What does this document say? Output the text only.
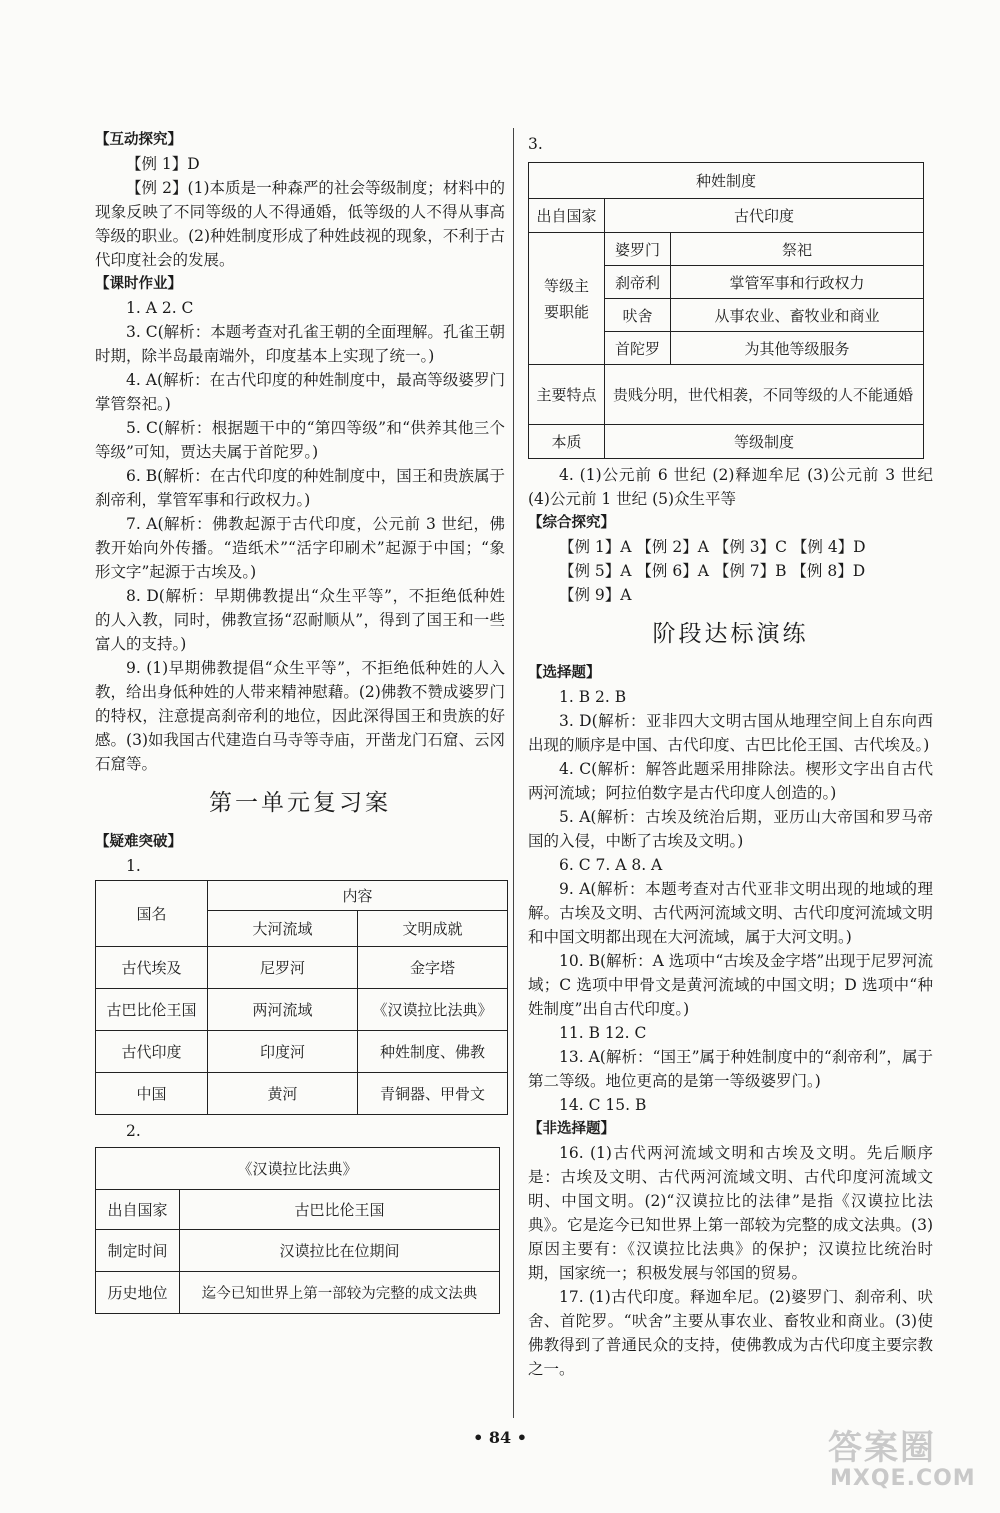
【互动探究】

【例 1】D

【例 2】(1)本质是一种森严的社会等级制度；材料中的现象反映了不同等级的人不得通婚，低等级的人不得从事高等级的职业。(2)种姓制度形成了种姓歧视的现象，不利于古代印度社会的发展。

【课时作业】

1. A 2. C

3. C(解析：本题考查对孔雀王朝的全面理解。孔雀王朝时期，除半岛最南端外，印度基本上实现了统一。)

4. A(解析：在古代印度的种姓制度中，最高等级婆罗门掌管祭祀。)

5. C(解析：根据题干中的“第四等级”和“供养其他三个等级”可知，贾达夫属于首陀罗。)

6. B(解析：在古代印度的种姓制度中，国王和贵族属于刹帝利，掌管军事和行政权力。)

7. A(解析：佛教起源于古代印度，公元前 3 世纪，佛教开始向外传播。“造纸术”“活字印刷术”起源于中国；“象形文字”起源于古埃及。)

8. D(解析：早期佛教提出“众生平等”，不拒绝低种姓的人入教，同时，佛教宣扬“忍耐顺从”，得到了国王和一些富人的支持。)

9. (1)早期佛教提倡“众生平等”，不拒绝低种姓的人入教，给出身低种姓的人带来精神慰藉。(2)佛教不赞成婆罗门的特权，注意提高刹帝利的地位，因此深得国王和贵族的好感。(3)如我国古代建造白马寺等寺庙，开凿龙门石窟、云冈石窟等。

第一单元复习案

【疑难突破】

1.

国名	内容	
	大河流域	文明成就
古代埃及	尼罗河	金字塔
古巴比伦王国	两河流域	《汉谟拉比法典》
古代印度	印度河	种姓制度、佛教
中国	黄河	青铜器、甲骨文

2.

《汉谟拉比法典》	
出自国家	古巴比伦王国
制定时间	汉谟拉比在位期间
历史地位	迄今已知世界上第一部较为完整的成文法典

3.

种姓制度		
出自国家	古代印度	
等级主要职能	婆罗门	祭祀
	刹帝利	掌管军事和行政权力
	吠舍	从事农业、畜牧业和商业
	首陀罗	为其他等级服务
主要特点	贵贱分明，世代相袭，不同等级的人不能通婚	
本质	等级制度	

4. (1)公元前 6 世纪 (2)释迦牟尼 (3)公元前 3 世纪 (4)公元前 1 世纪 (5)众生平等

【综合探究】

【例 1】A 【例 2】A 【例 3】C 【例 4】D

【例 5】A 【例 6】A 【例 7】B 【例 8】D

【例 9】A

阶段达标演练

【选择题】

1. B 2. B

3. D(解析：亚非四大文明古国从地理空间上自东向西出现的顺序是中国、古代印度、古巴比伦王国、古代埃及。)

4. C(解析：解答此题采用排除法。楔形文字出自古代两河流域；阿拉伯数字是古代印度人创造的。)

5. A(解析：古埃及统治后期，亚历山大帝国和罗马帝国的入侵，中断了古埃及文明。)

6. C 7. A 8. A

9. A(解析：本题考查对古代亚非文明出现的地域的理解。古埃及文明、古代两河流域文明、古代印度河流域文明和中国文明都出现在大河流域，属于大河文明。)

10. B(解析：A 选项中“古埃及金字塔”出现于尼罗河流域；C 选项中甲骨文是黄河流域的中国文明；D 选项中“种姓制度”出自古代印度。)

11. B 12. C

13. A(解析：“国王”属于种姓制度中的“刹帝利”，属于第二等级。地位更高的是第一等级婆罗门。)

14. C 15. B

【非选择题】

16. (1)古代两河流域文明和古埃及文明。先后顺序是：古埃及文明、古代两河流域文明、古代印度河流域文明、中国文明。(2)“汉谟拉比的法律”是指《汉谟拉比法典》。它是迄今已知世界上第一部较为完整的成文法典。(3)原因主要有：《汉谟拉比法典》的保护；汉谟拉比统治时期，国家统一；积极发展与邻国的贸易。

17. (1)古代印度。释迦牟尼。(2)婆罗门、刹帝利、吠舍、首陀罗。“吠舍”主要从事农业、畜牧业和商业。(3)使佛教得到了普通民众的支持，使佛教成为古代印度主要宗教之一。

• 84 •	答案圈
MXQE.COM
